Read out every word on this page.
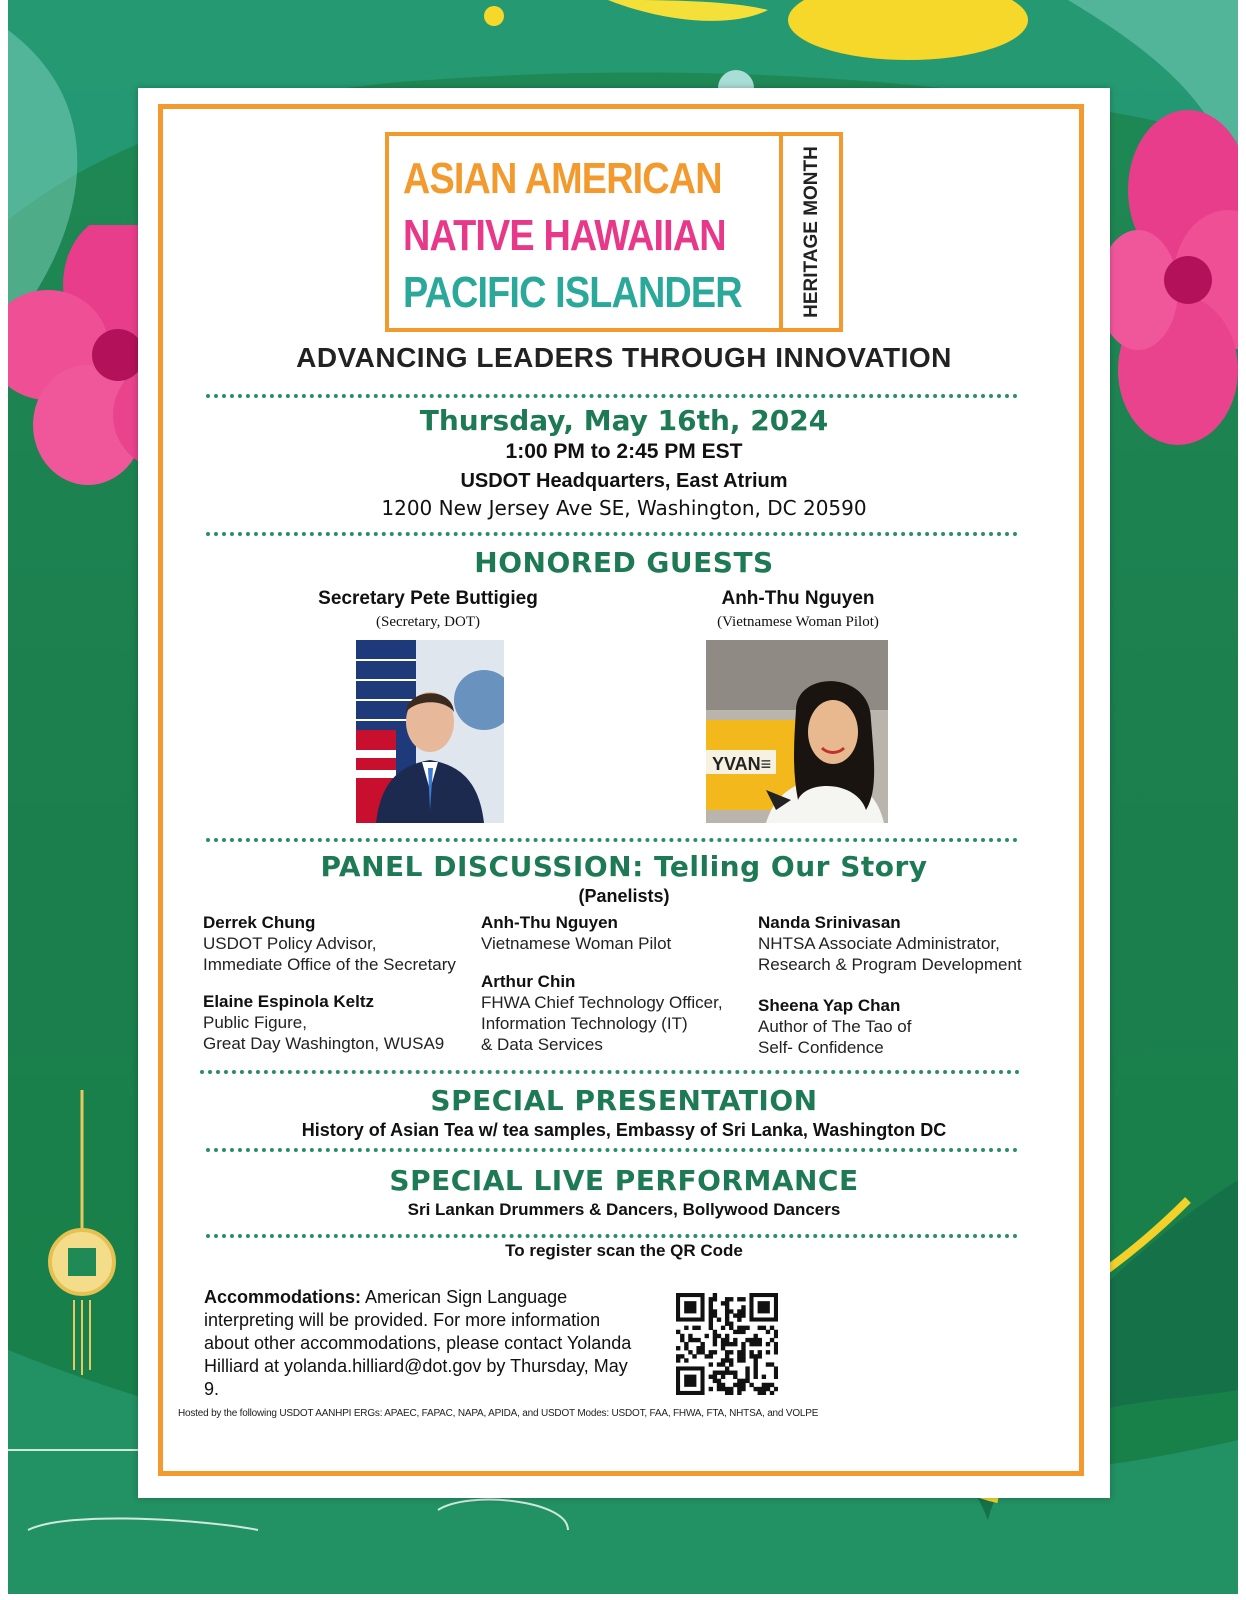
ASIAN AMERICAN
NATIVE HAWAIIAN
PACIFIC ISLANDER	HERITAGE MONTH
ADVANCING LEADERS THROUGH INNOVATION
Thursday, May 16th, 2024
1:00 PM to 2:45 PM EST
USDOT Headquarters, East Atrium
1200 New Jersey Ave SE, Washington, DC 20590
HONORED GUESTS
Secretary Pete Buttigieg
(Secretary, DOT)
Anh-Thu Nguyen
(Vietnamese Woman Pilot)
YVAN≡
PANEL DISCUSSION: Telling Our Story
(Panelists)
Derrek Chung
USDOT Policy Advisor,
Immediate Office of the Secretary
Elaine Espinola Keltz
Public Figure,
Great Day Washington, WUSA9
Anh-Thu Nguyen
Vietnamese Woman Pilot
Arthur Chin
FHWA Chief Technology Officer,
Information Technology (IT)
& Data Services
Nanda Srinivasan
NHTSA Associate Administrator,
Research & Program Development
Sheena Yap Chan
Author of The Tao of
Self- Confidence
SPECIAL PRESENTATION
History of Asian Tea w/ tea samples, Embassy of Sri Lanka, Washington DC
SPECIAL LIVE PERFORMANCE
Sri Lankan Drummers & Dancers, Bollywood Dancers
To register scan the QR Code
Accommodations: American Sign Language interpreting will be provided. For more information about other accommodations, please contact Yolanda Hilliard at yolanda.hilliard@dot.gov by Thursday, May 9.
Hosted by the following USDOT AANHPI ERGs: APAEC, FAPAC, NAPA, APIDA, and USDOT Modes: USDOT, FAA, FHWA, FTA, NHTSA, and VOLPE
